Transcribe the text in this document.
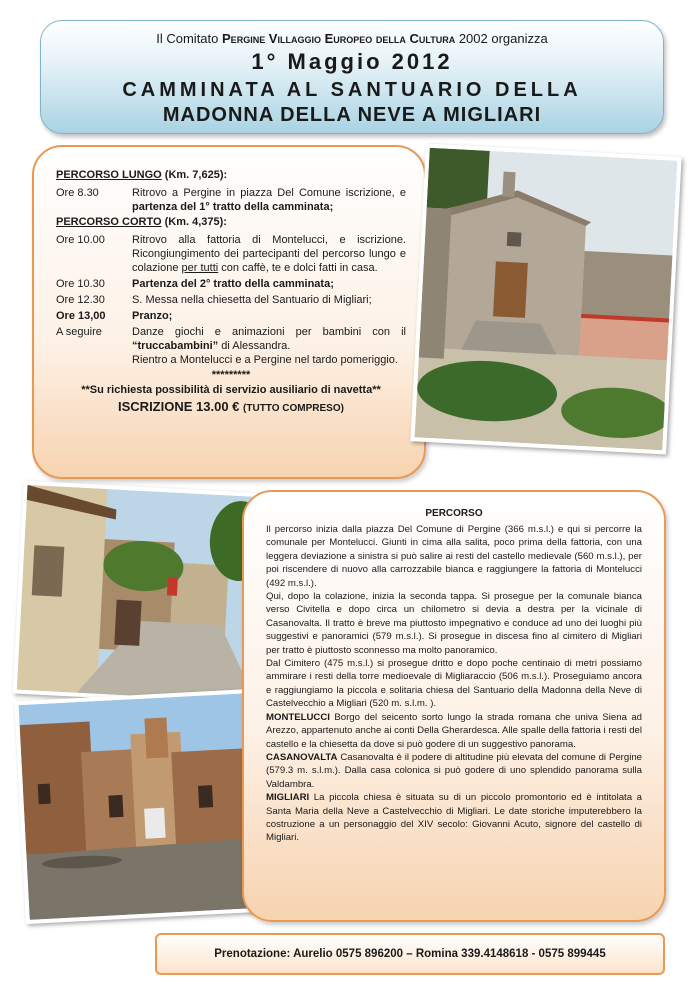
Il Comitato Pergine Villaggio Europeo della Cultura 2002 organizza
1° Maggio 2012
CAMMINATA AL SANTUARIO DELLA
MADONNA DELLA NEVE A MIGLIARI
PERCORSO LUNGO (Km. 7,625):
Ore 8.30	Ritrovo a Pergine in piazza Del Comune iscrizione, e partenza del 1° tratto della camminata;
PERCORSO CORTO (Km. 4,375):
Ore 10.00	Ritrovo alla fattoria di Montelucci, e iscrizione. Ricongiungimento dei partecipanti del percorso lungo e colazione per tutti con caffè, te e dolci fatti in casa.
Ore 10.30	Partenza del 2° tratto della camminata;
Ore 12.30	S. Messa nella chiesetta del Santuario di Migliari;
Ore 13,00	Pranzo;
A seguire	Danze giochi e animazioni per bambini con il “truccabambini” di Alessandra.
Rientro a Montelucci e a Pergine nel tardo pomeriggio.
*********
**Su richiesta possibilità di servizio ausiliario di navetta**
ISCRIZIONE 13.00 € (TUTTO COMPRESO)
PERCORSO

Il percorso inizia dalla piazza Del Comune di Pergine (366 m.s.l.) e qui si percorre la comunale per Montelucci. Giunti in cima alla salita, poco prima della fattoria, con una leggera deviazione a sinistra si può salire ai resti del castello medievale (560 m.s.l.), per poi riscendere di nuovo alla carrozzabile bianca e raggiungere la fattoria di Montelucci (492 m.s.l.).

Qui, dopo la colazione, inizia la seconda tappa. Si prosegue per la comunale bianca verso Civitella e dopo circa un chilometro si devia a destra per la vicinale di Casanovalta. Il tratto è breve ma piuttosto impegnativo e conduce ad uno dei luoghi più suggestivi e panoramici (579 m.s.l.). Si prosegue in discesa fino al cimitero di Migliari per tratto è piuttosto sconnesso ma molto panoramico.

Dal Cimitero (475 m.s.l.) si prosegue dritto e dopo poche centinaio di metri possiamo ammirare i resti della torre medioevale di Migliaraccio (506 m.s.l.). Proseguiamo ancora e raggiungiamo la piccola e solitaria chiesa del Santuario della Madonna della Neve di Castelvecchio a Migliari (520 m. s.l.m. ).

MONTELUCCI Borgo del seicento sorto lungo la strada romana che univa Siena ad Arezzo, appartenuto anche ai conti Della Gherardesca. Alle spalle della fattoria i resti del castello e la chiesetta da dove si può godere di un suggestivo panorama.

CASANOVALTA Casanovalta è il podere di altitudine più elevata del comune di Pergine (579.3 m. s.l.m.). Dalla casa colonica si può godere di uno splendido panorama sulla Valdambra.

MIGLIARI La piccola chiesa è situata su di un piccolo promontorio ed è intitolata a Santa Maria della Neve a Castelvecchio di Migliari. Le date storiche imputerebbero la costruzione a un personaggio del XIV secolo: Giovanni Acuto, signore del castello di Migliari.

Prenotazione: Aurelio 0575 896200 – Romina 339.4148618 - 0575 899445
